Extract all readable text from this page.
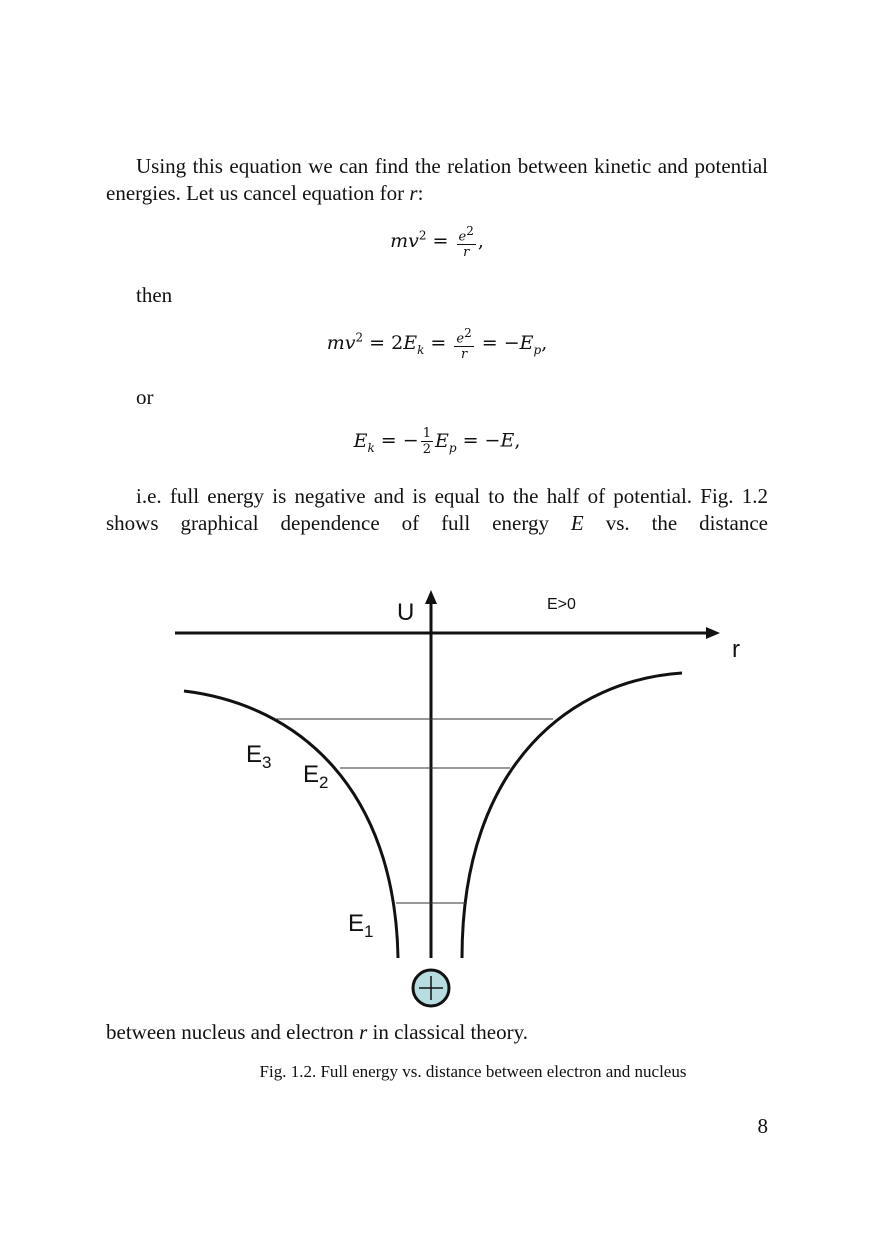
Using this equation we can find the relation between kinetic and potential energies. Let us cancel equation for r:

$mv^2 = \frac{e^2}{r}$ ,
then
$mv^2 = 2E_k = \frac{e^2}{r} = -E_p$,
or
$E_k$ = − $\frac{1}{2} E_p = -E$,

i.e. full energy is negative and is equal to the half of potential. Fig. 1.2 shows graphical dependence of full energy E vs. the distance

U
r
E>0
$E_3$ $E_2$
$E_1$

between nucleus and electron r in classical theory.

Fig. 1.2. Full energy vs. distance between electron and nucleus
8
